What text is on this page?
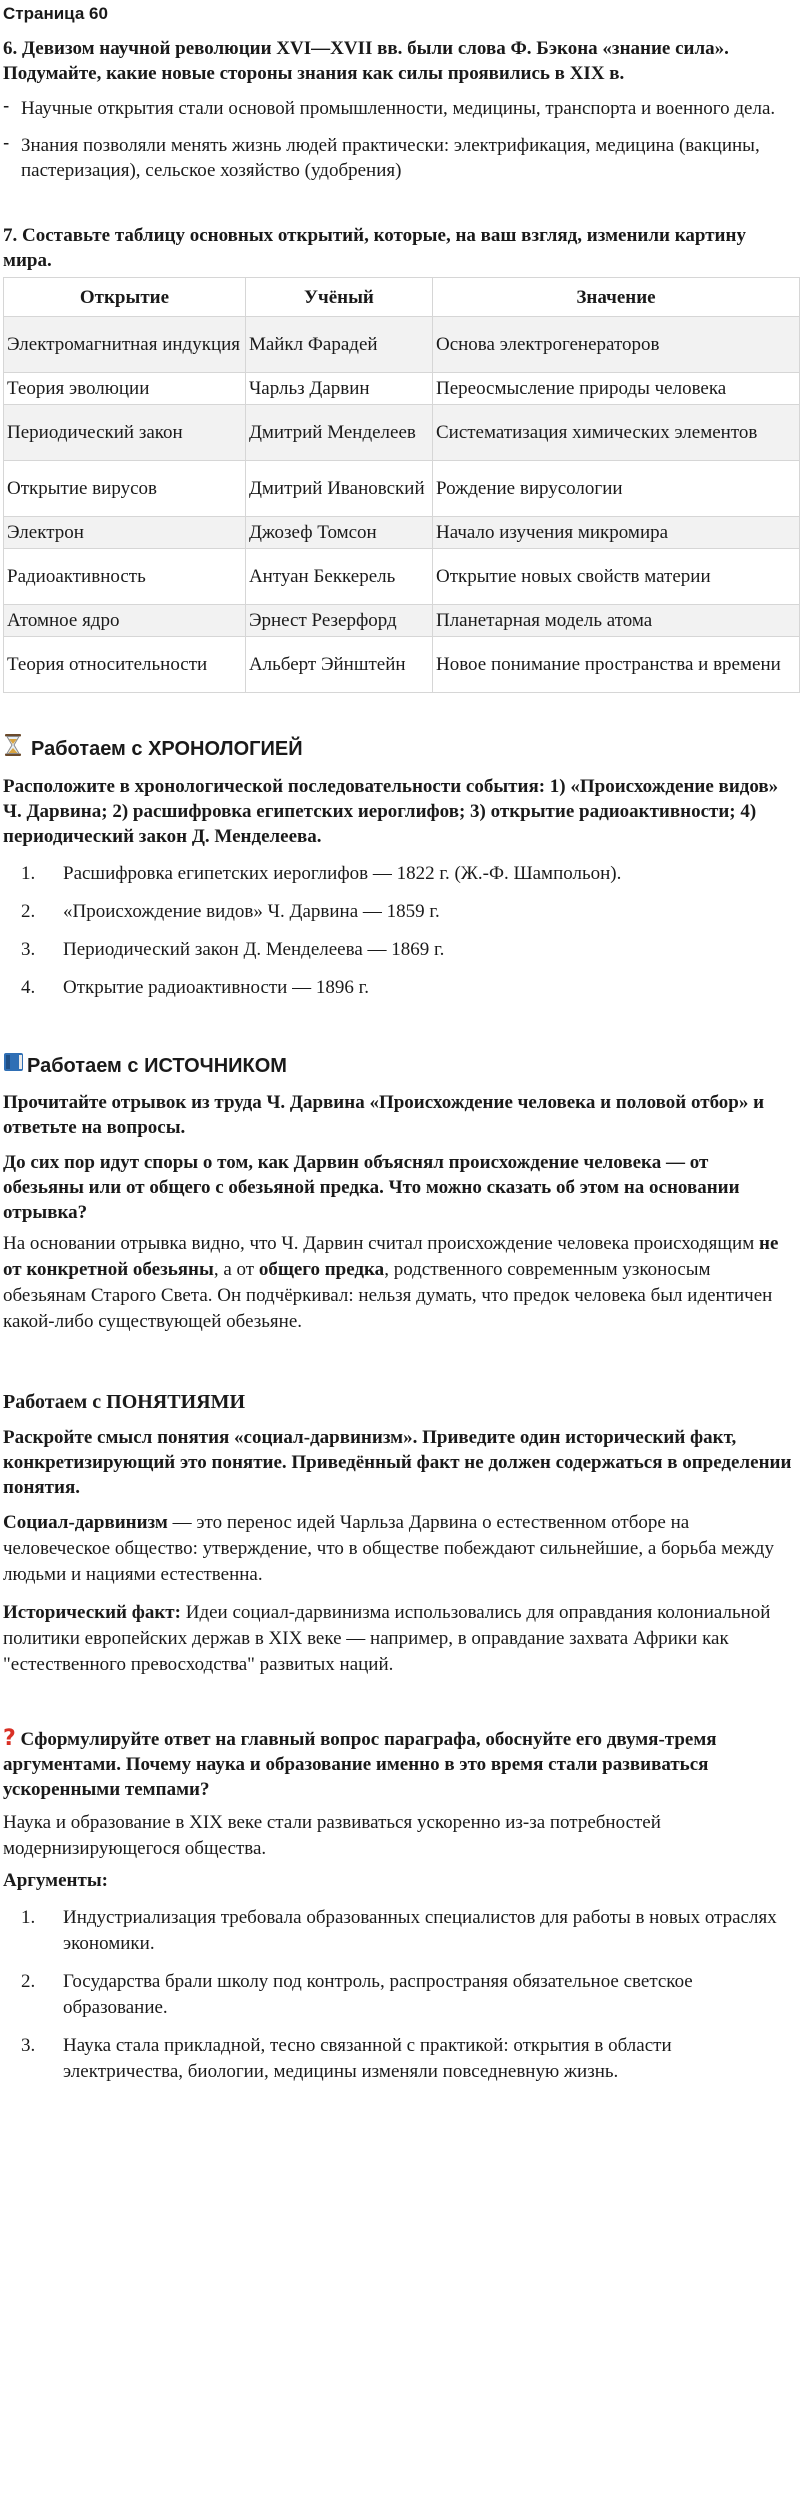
Страница 60
6. Девизом научной революции XVI—XVII вв. были слова Ф. Бэкона «знание сила». Подумайте, какие новые стороны знания как силы проявились в XIX в.
- Научные открытия стали основой промышленности, медицины, транспорта и военного дела.
- Знания позволяли менять жизнь людей практически: электрификация, медицина (вакцины, пастеризация), сельское хозяйство (удобрения)
7. Составьте таблицу основных открытий, которые, на ваш взгляд, изменили картину мира.
Открытие	Учёный	Значение
Электромагнитная индукция	Майкл Фарадей	Основа электрогенераторов
Теория эволюции	Чарльз Дарвин	Переосмысление природы человека
Периодический закон	Дмитрий Менделеев	Систематизация химических элементов
Открытие вирусов	Дмитрий Ивановский	Рождение вирусологии
Электрон	Джозеф Томсон	Начало изучения микромира
Радиоактивность	Антуан Беккерель	Открытие новых свойств материи
Атомное ядро	Эрнест Резерфорд	Планетарная модель атома
Теория относительности	Альберт Эйнштейн	Новое понимание пространства и времени
Работаем с ХРОНОЛОГИЕЙ
Расположите в хронологической последовательности события: 1) «Происхождение видов» Ч. Дарвина; 2) расшифровка египетских иероглифов; 3) открытие радиоактивности; 4) периодический закон Д. Менделеева.
1.	Расшифровка египетских иероглифов — 1822 г. (Ж.-Ф. Шампольон).
2.	«Происхождение видов» Ч. Дарвина — 1859 г.
3.	Периодический закон Д. Менделеева — 1869 г.
4.	Открытие радиоактивности — 1896 г.
Работаем с ИСТОЧНИКОМ
Прочитайте отрывок из труда Ч. Дарвина «Происхождение человека и половой отбор» и ответьте на вопросы.
До сих пор идут споры о том, как Дарвин объяснял происхождение человека — от обезьяны или от общего с обезьяной предка. Что можно сказать об этом на основании отрывка?
На основании отрывка видно, что Ч. Дарвин считал происхождение человека происходящим не от конкретной обезьяны, а от общего предка, родственного современным узконосым обезьянам Старого Света. Он подчёркивал: нельзя думать, что предок человека был идентичен какой-либо существующей обезьяне.
Работаем с ПОНЯТИЯМИ
Раскройте смысл понятия «социал-дарвинизм». Приведите один исторический факт, конкретизирующий это понятие. Приведённый факт не должен содержаться в определении понятия.
Социал-дарвинизм — это перенос идей Чарльза Дарвина о естественном отборе на человеческое общество: утверждение, что в обществе побеждают сильнейшие, а борьба между людьми и нациями естественна.
Исторический факт: Идеи социал-дарвинизма использовались для оправдания колониальной политики европейских держав в XIX веке — например, в оправдание захвата Африки как "естественного превосходства" развитых наций.
? Сформулируйте ответ на главный вопрос параграфа, обоснуйте его двумя-тремя аргументами. Почему наука и образование именно в это время стали развиваться ускоренными темпами?
Наука и образование в XIX веке стали развиваться ускоренно из-за потребностей модернизирующегося общества.
Аргументы:
1.	Индустриализация требовала образованных специалистов для работы в новых отраслях экономики.
2.	Государства брали школу под контроль, распространяя обязательное светское образование.
3.	Наука стала прикладной, тесно связанной с практикой: открытия в области электричества, биологии, медицины изменяли повседневную жизнь.
